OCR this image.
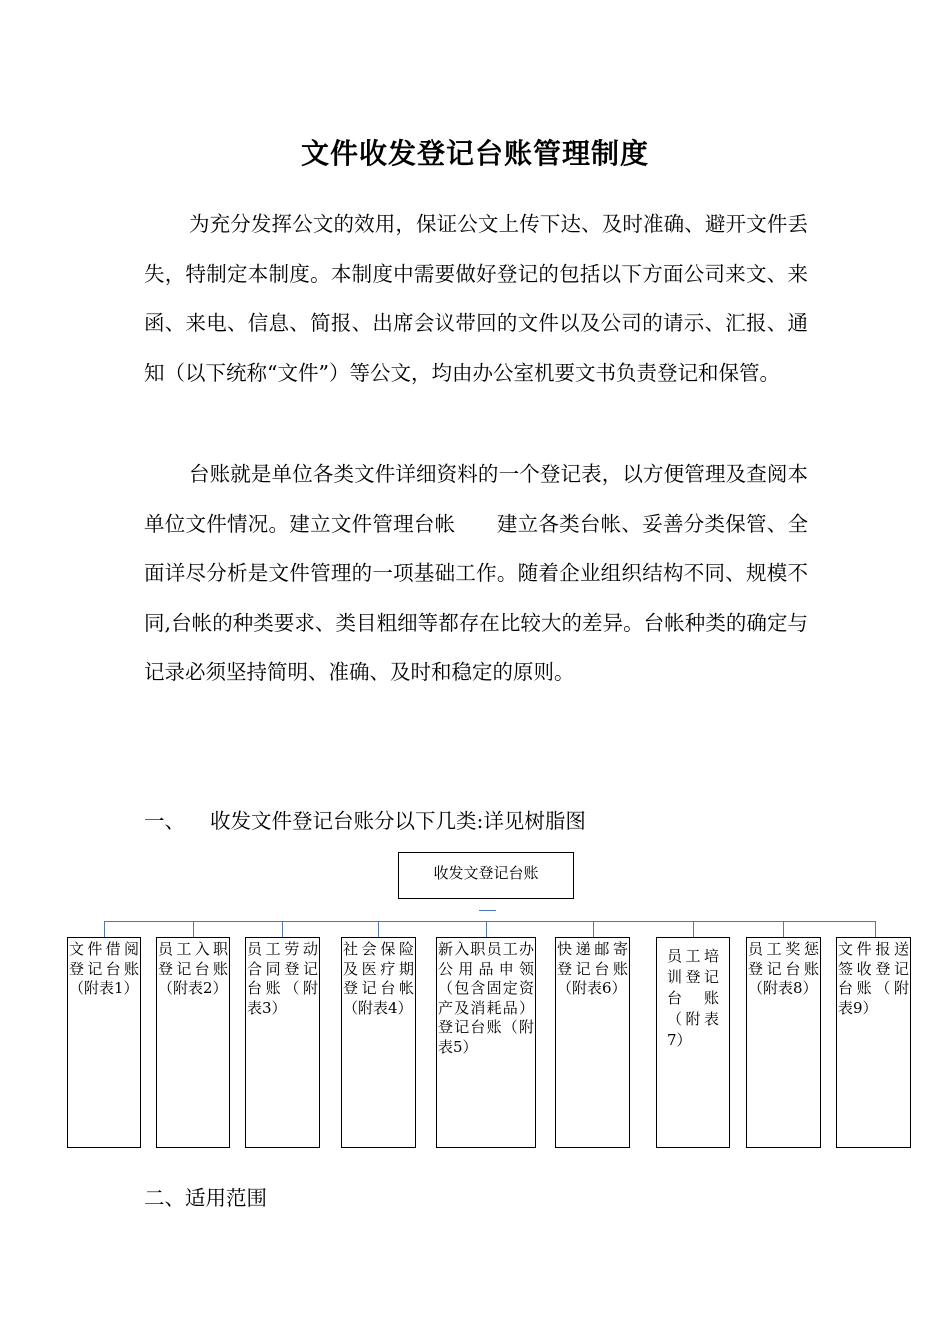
文件收发登记台账管理制度

为充分发挥公文的效用，保证公文上传下达、及时准确、避开文件丢失，特制定本制度。本制度中需要做好登记的包括以下方面公司来文、来函、来电、信息、简报、出席会议带回的文件以及公司的请示、汇报、通知（以下统称“文件”）等公文，均由办公室机要文书负责登记和保管。

台账就是单位各类文件详细资料的一个登记表，以方便管理及查阅本单位文件情况。建立文件管理台帐　　建立各类台帐、妥善分类保管、全面详尽分析是文件管理的一项基础工作。随着企业组织结构不同、规模不同,台帐的种类要求、类目粗细等都存在比较大的差异。台帐种类的确定与记录必须坚持简明、准确、及时和稳定的原则。

一、 收发文件登记台账分以下几类:详见树脂图
收发文登记台账
文件借阅登记台账（附表1）
员工入职登记台账（附表2）
员工劳动合同登记台账（附表3）
社会保险及医疗期登记台帐（附表4）
新入职员工办公用品申领（包含固定资产及消耗品）登记台账（附表5）
快递邮寄登记台账（附表6）
员工培训登记台账（附表7）
员工奖惩登记台账（附表8）
文件报送签收登记台账（附表9）
二、适用范围
